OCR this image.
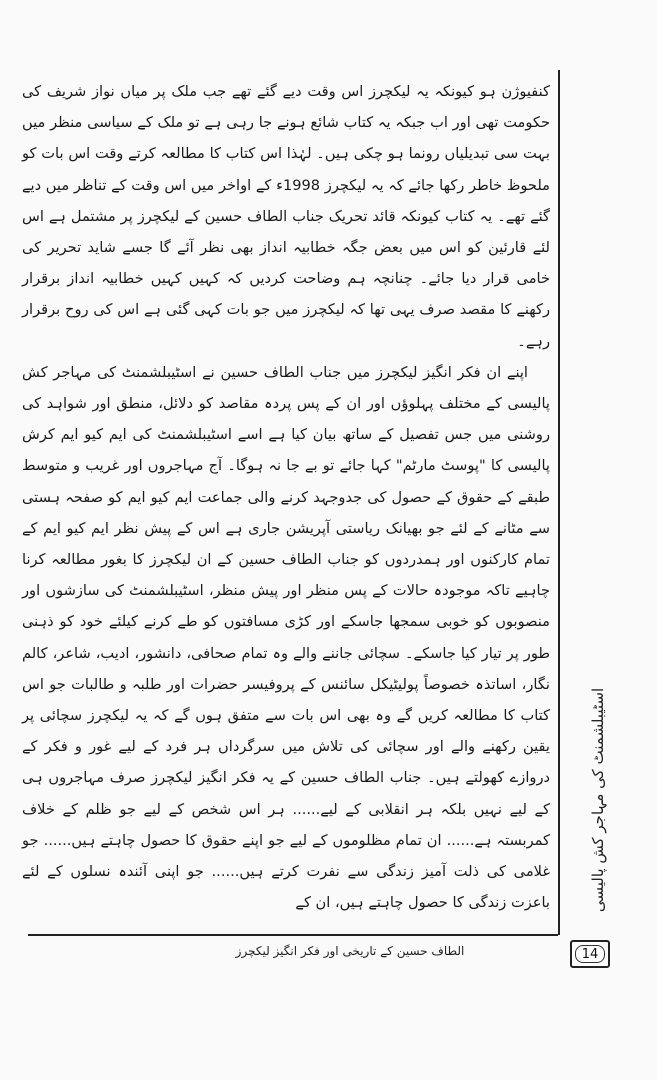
کنفیوژن ہو کیونکہ یہ لیکچرز اس وقت دیے گئے تھے جب ملک پر میاں نواز شریف کی حکومت تھی اور اب جبکہ یہ کتاب شائع ہونے جا رہی ہے تو ملک کے سیاسی منظر میں بہت سی تبدیلیاں رونما ہو چکی ہیں۔ لہٰذا اس کتاب کا مطالعہ کرتے وقت اس بات کو ملحوظ خاطر رکھا جائے کہ یہ لیکچرز 1998ء کے اواخر میں اس وقت کے تناظر میں دیے گئے تھے۔ یہ کتاب کیونکہ قائد تحریک جناب الطاف حسین کے لیکچرز پر مشتمل ہے اس لئے قارئین کو اس میں بعض جگہ خطابیہ انداز بھی نظر آئے گا جسے شاید تحریر کی خامی قرار دیا جائے۔ چنانچہ ہم وضاحت کردیں کہ کہیں کہیں خطابیہ انداز برقرار رکھنے کا مقصد صرف یہی تھا کہ لیکچرز میں جو بات کہی گئی ہے اس کی روح برقرار رہے۔

اپنے ان فکر انگیز لیکچرز میں جناب الطاف حسین نے اسٹیبلشمنٹ کی مہاجر کش پالیسی کے مختلف پہلوؤں اور ان کے پس پردہ مقاصد کو دلائل، منطق اور شواہد کی روشنی میں جس تفصیل کے ساتھ بیان کیا ہے اسے اسٹیبلشمنٹ کی ایم کیو ایم کرش پالیسی کا "پوسٹ مارٹم" کہا جائے تو بے جا نہ ہوگا۔ آج مہاجروں اور غریب و متوسط طبقے کے حقوق کے حصول کی جدوجہد کرنے والی جماعت ایم کیو ایم کو صفحہ ہستی سے مٹانے کے لئے جو بھیانک ریاستی آپریشن جاری ہے اس کے پیش نظر ایم کیو ایم کے تمام کارکنوں اور ہمدردوں کو جناب الطاف حسین کے ان لیکچرز کا بغور مطالعہ کرنا چاہیے تاکہ موجودہ حالات کے پس منظر اور پیش منظر، اسٹیبلشمنٹ کی سازشوں اور منصوبوں کو خوبی سمجھا جاسکے اور کڑی مسافتوں کو طے کرنے کیلئے خود کو ذہنی طور پر تیار کیا جاسکے۔ سچائی جاننے والے وہ تمام صحافی، دانشور، ادیب، شاعر، کالم نگار، اساتذہ خصوصاً پولیٹیکل سائنس کے پروفیسر حضرات اور طلبہ و طالبات جو اس کتاب کا مطالعہ کریں گے وہ بھی اس بات سے متفق ہوں گے کہ یہ لیکچرز سچائی پر یقین رکھنے والے اور سچائی کی تلاش میں سرگرداں ہر فرد کے لیے غور و فکر کے دروازے کھولتے ہیں۔ جناب الطاف حسین کے یہ فکر انگیز لیکچرز صرف مہاجروں ہی کے لیے نہیں بلکہ ہر انقلابی کے لیے...... ہر اس شخص کے لیے جو ظلم کے خلاف کمربستہ ہے...... ان تمام مظلوموں کے لیے جو اپنے حقوق کا حصول چاہتے ہیں...... جو غلامی کی ذلت آمیز زندگی سے نفرت کرتے ہیں...... جو اپنی آئندہ نسلوں کے لئے باعزت زندگی کا حصول چاہتے ہیں، ان کے	اسٹیبلشمنٹ کی مہاجر کش پالیسی
الطاف حسین کے تاریخی اور فکر انگیز لیکچرز	14
